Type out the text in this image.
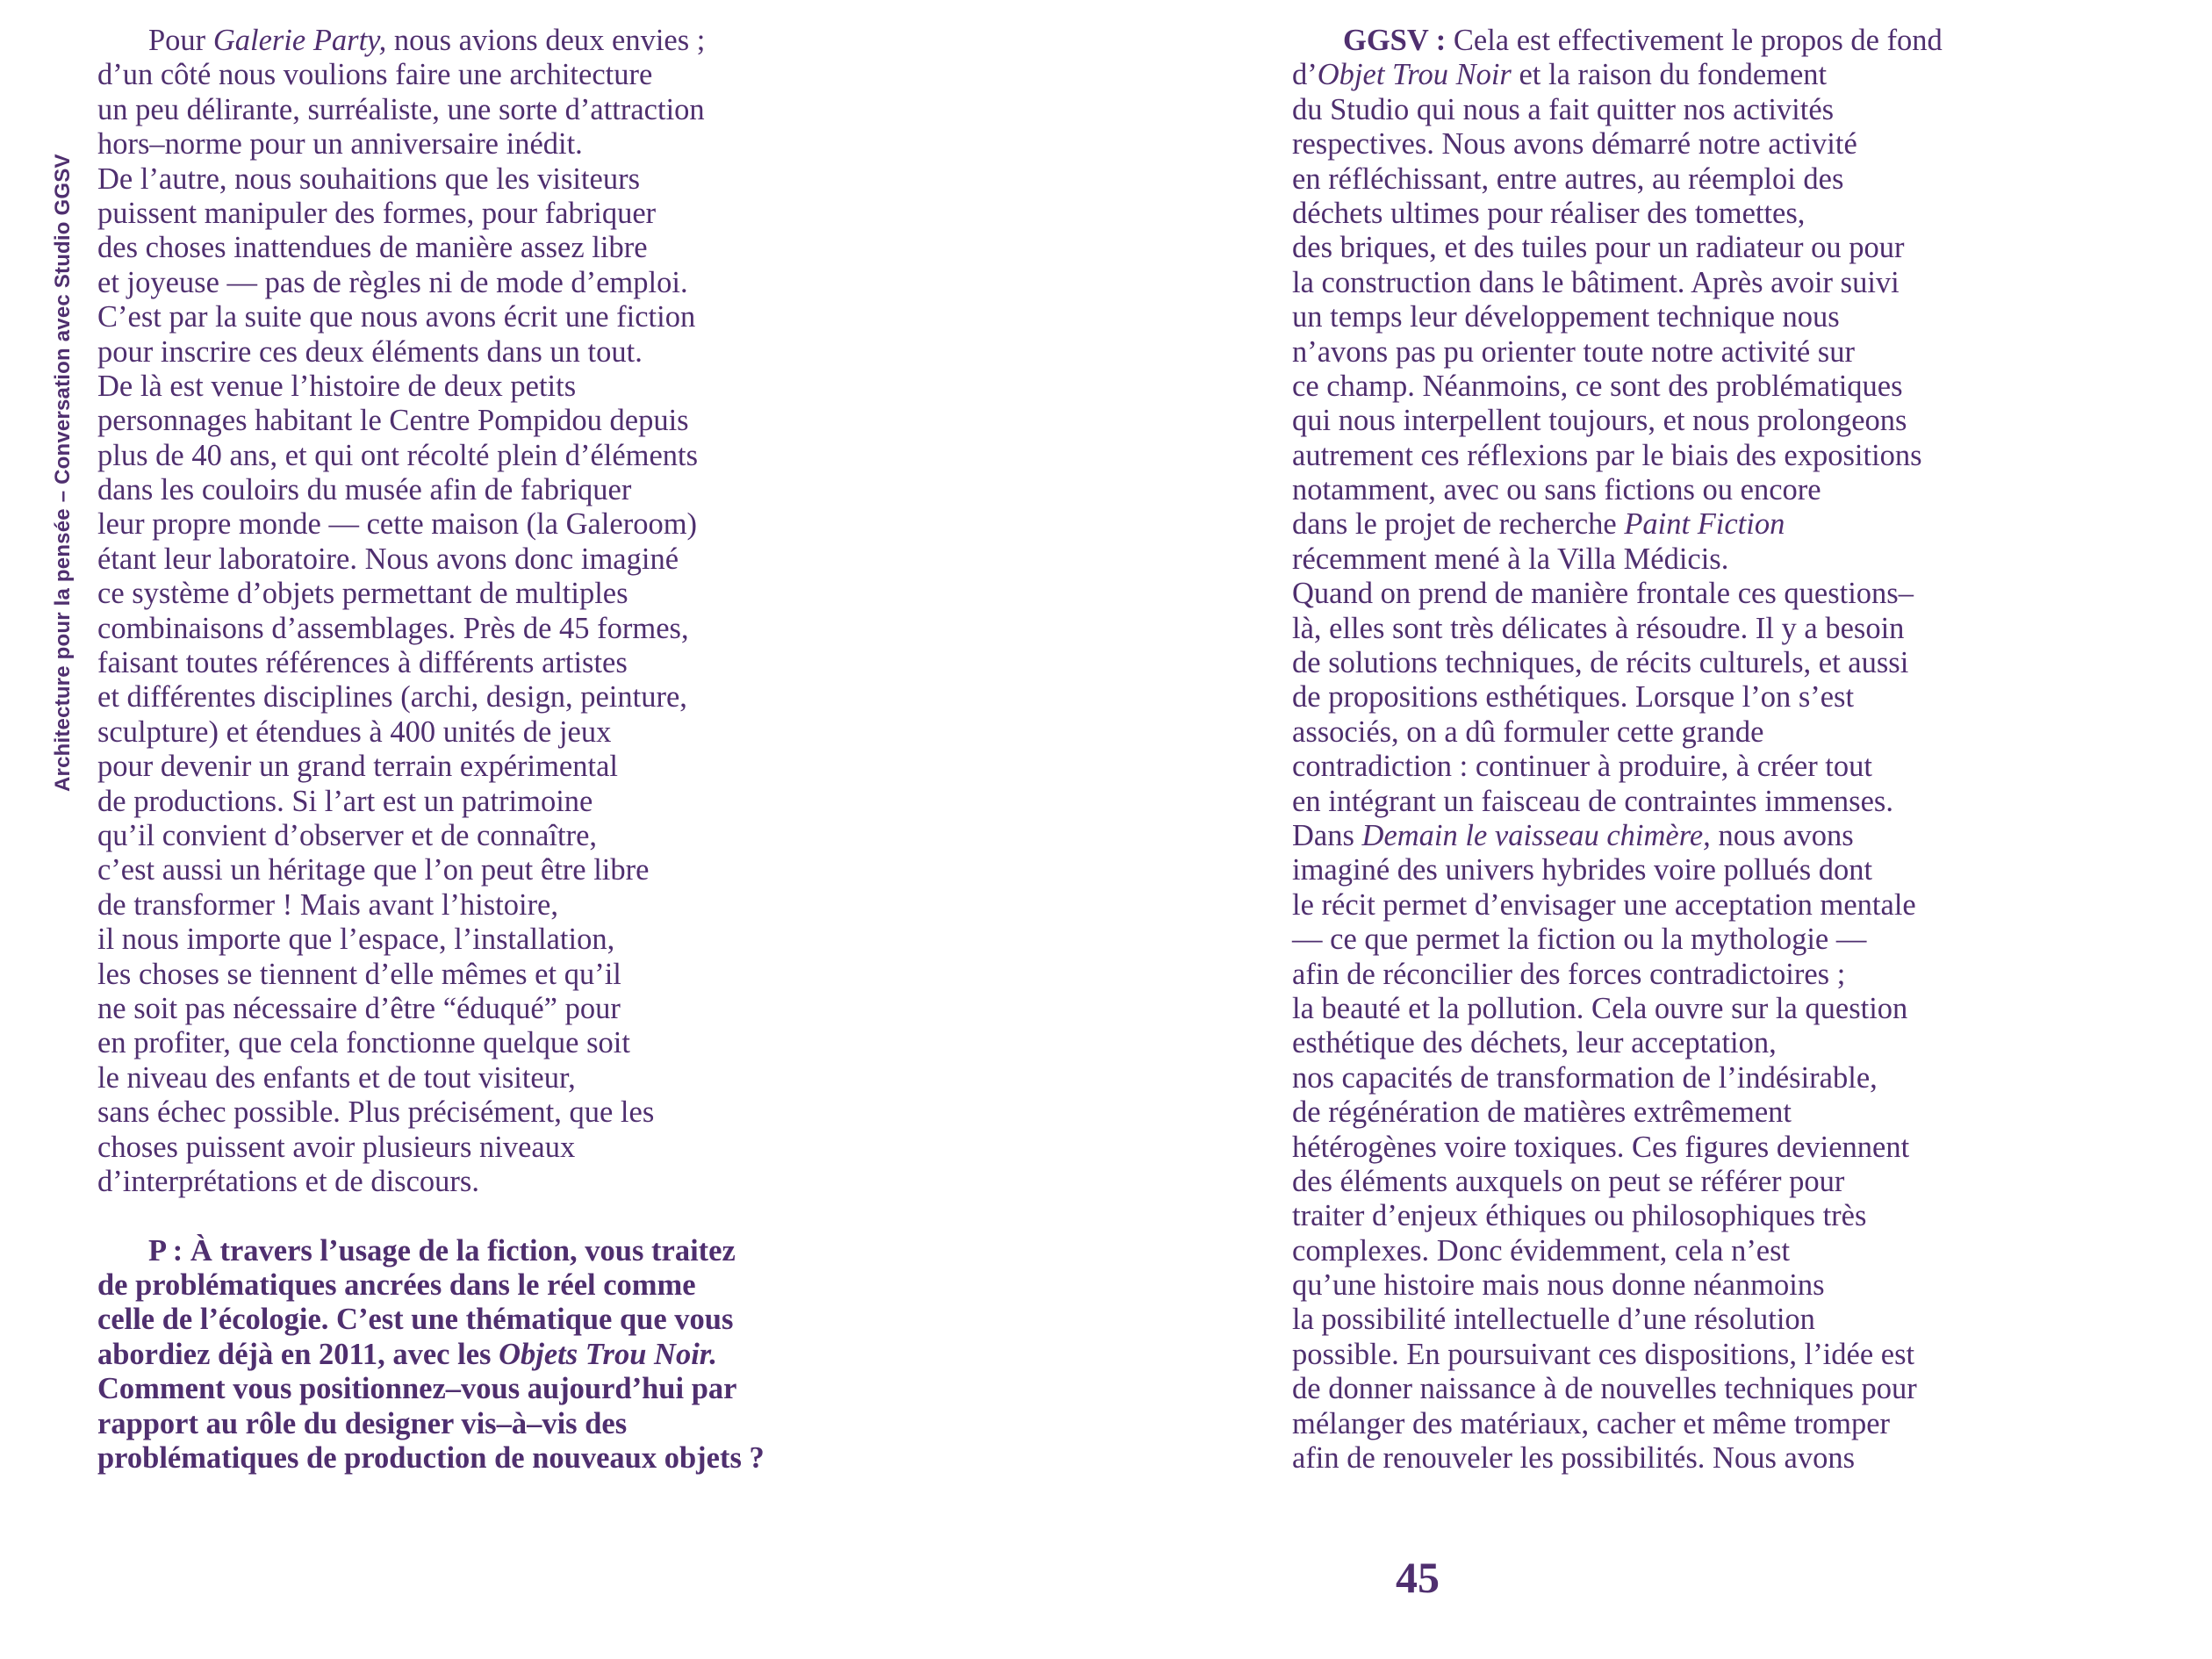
Architecture pour la pensée – Conversation avec Studio GGSV
Pour Galerie Party, nous avions deux envies ;
d’un côté nous voulions faire une architecture
un peu délirante, surréaliste, une sorte d’attraction
hors–norme pour un anniversaire inédit.
De l’autre, nous souhaitions que les visiteurs
puissent manipuler des formes, pour fabriquer
des choses inattendues de manière assez libre
et joyeuse — pas de règles ni de mode d’emploi.
C’est par la suite que nous avons écrit une fiction
pour inscrire ces deux éléments dans un tout.
De là est venue l’histoire de deux petits
personnages habitant le Centre Pompidou depuis
plus de 40 ans, et qui ont récolté plein d’éléments
dans les couloirs du musée afin de fabriquer
leur propre monde — cette maison (la Galeroom)
étant leur laboratoire. Nous avons donc imaginé
ce système d’objets permettant de multiples
combinaisons d’assemblages. Près de 45 formes,
faisant toutes références à différents artistes
et différentes disciplines (archi, design, peinture,
sculpture) et étendues à 400 unités de jeux
pour devenir un grand terrain expérimental
de productions. Si l’art est un patrimoine
qu’il convient d’observer et de connaître,
c’est aussi un héritage que l’on peut être libre
de transformer ! Mais avant l’histoire,
il nous importe que l’espace, l’installation,
les choses se tiennent d’elle mêmes et qu’il
ne soit pas nécessaire d’être “éduqué” pour
en profiter, que cela fonctionne quelque soit
le niveau des enfants et de tout visiteur,
sans échec possible. Plus précisément, que les
choses puissent avoir plusieurs niveaux
d’interprétations et de discours.
P : À travers l’usage de la fiction, vous traitez
de problématiques ancrées dans le réel comme
celle de l’écologie. C’est une thématique que vous
abordiez déjà en 2011, avec les Objets Trou Noir.
Comment vous positionnez–vous aujourd’hui par
rapport au rôle du designer vis–à–vis des
problématiques de production de nouveaux objets ?
GGSV : Cela est effectivement le propos de fond
d’Objet Trou Noir et la raison du fondement
du Studio qui nous a fait quitter nos activités
respectives. Nous avons démarré notre activité
en réfléchissant, entre autres, au réemploi des
déchets ultimes pour réaliser des tomettes,
des briques, et des tuiles pour un radiateur ou pour
la construction dans le bâtiment. Après avoir suivi
un temps leur développement technique nous
n’avons pas pu orienter toute notre activité sur
ce champ. Néanmoins, ce sont des problématiques
qui nous interpellent toujours, et nous prolongeons
autrement ces réflexions par le biais des expositions
notamment, avec ou sans fictions ou encore
dans le projet de recherche Paint Fiction
récemment mené à la Villa Médicis.
Quand on prend de manière frontale ces questions–
là, elles sont très délicates à résoudre. Il y a besoin
de solutions techniques, de récits culturels, et aussi
de propositions esthétiques. Lorsque l’on s’est
associés, on a dû formuler cette grande
contradiction : continuer à produire, à créer tout
en intégrant un faisceau de contraintes immenses.
Dans Demain le vaisseau chimère, nous avons
imaginé des univers hybrides voire pollués dont
le récit permet d’envisager une acceptation mentale
— ce que permet la fiction ou la mythologie —
afin de réconcilier des forces contradictoires ;
la beauté et la pollution. Cela ouvre sur la question
esthétique des déchets, leur acceptation,
nos capacités de transformation de l’indésirable,
de régénération de matières extrêmement
hétérogènes voire toxiques. Ces figures deviennent
des éléments auxquels on peut se référer pour
traiter d’enjeux éthiques ou philosophiques très
complexes. Donc évidemment, cela n’est
qu’une histoire mais nous donne néanmoins
la possibilité intellectuelle d’une résolution
possible. En poursuivant ces dispositions, l’idée est
de donner naissance à de nouvelles techniques pour
mélanger des matériaux, cacher et même tromper
afin de renouveler les possibilités. Nous avons
45
